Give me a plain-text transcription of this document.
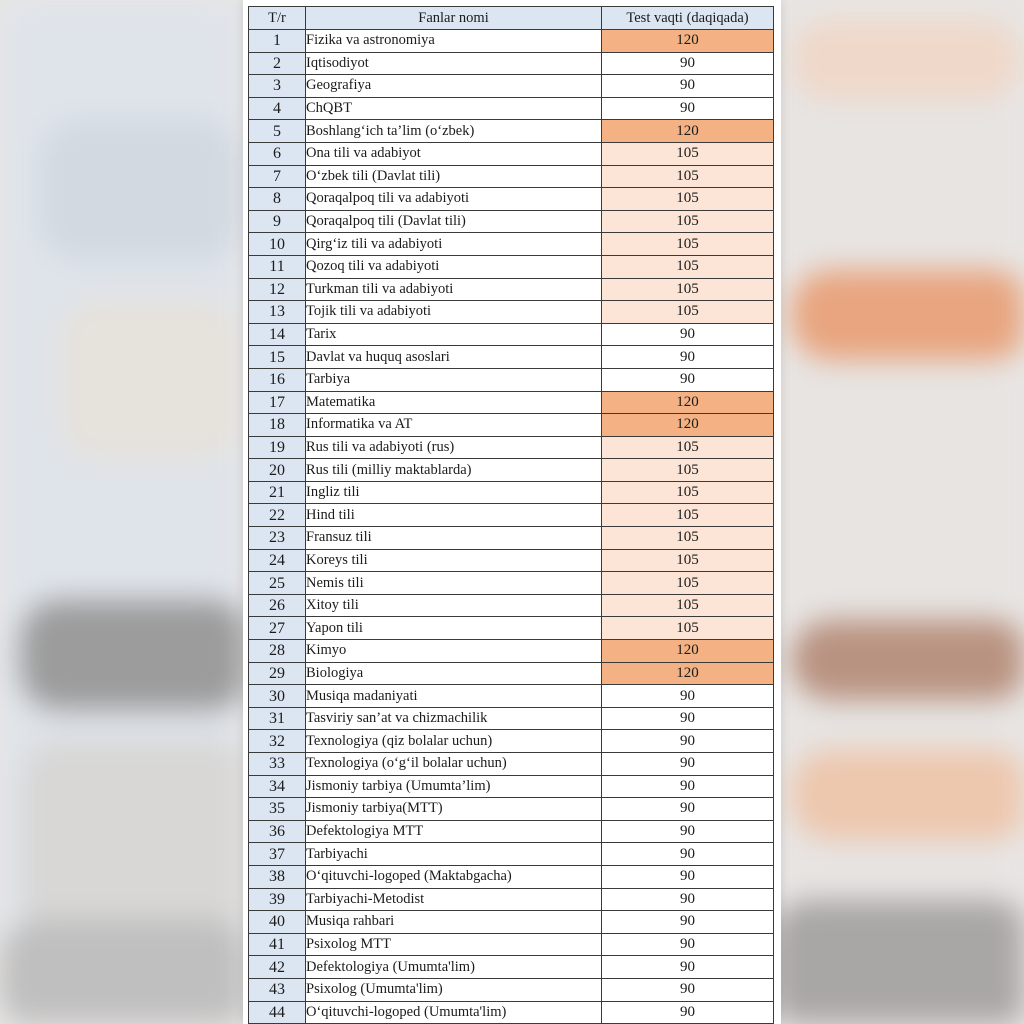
T/r	Fanlar nomi	Test vaqti (daqiqada)
1	Fizika va astronomiya	120
2	Iqtisodiyot	90
3	Geografiya	90
4	ChQBT	90
5	Boshlang‘ich ta’lim (o‘zbek)	120
6	Ona tili va adabiyot	105
7	O‘zbek tili (Davlat tili)	105
8	Qoraqalpoq tili va adabiyoti	105
9	Qoraqalpoq tili (Davlat tili)	105
10	Qirg‘iz tili va adabiyoti	105
11	Qozoq tili va adabiyoti	105
12	Turkman tili va adabiyoti	105
13	Tojik tili va adabiyoti	105
14	Tarix	90
15	Davlat va huquq asoslari	90
16	Tarbiya	90
17	Matematika	120
18	Informatika va AT	120
19	Rus tili va adabiyoti (rus)	105
20	Rus tili (milliy maktablarda)	105
21	Ingliz tili	105
22	Hind tili	105
23	Fransuz tili	105
24	Koreys tili	105
25	Nemis tili	105
26	Xitoy tili	105
27	Yapon tili	105
28	Kimyo	120
29	Biologiya	120
30	Musiqa madaniyati	90
31	Tasviriy san’at va chizmachilik	90
32	Texnologiya (qiz bolalar uchun)	90
33	Texnologiya (o‘g‘il bolalar uchun)	90
34	Jismoniy tarbiya (Umumta’lim)	90
35	Jismoniy tarbiya(MTT)	90
36	Defektologiya MTT	90
37	Tarbiyachi	90
38	O‘qituvchi-logoped (Maktabgacha)	90
39	Tarbiyachi-Metodist	90
40	Musiqa rahbari	90
41	Psixolog MTT	90
42	Defektologiya (Umumta'lim)	90
43	Psixolog (Umumta'lim)	90
44	O‘qituvchi-logoped (Umumta'lim)	90
